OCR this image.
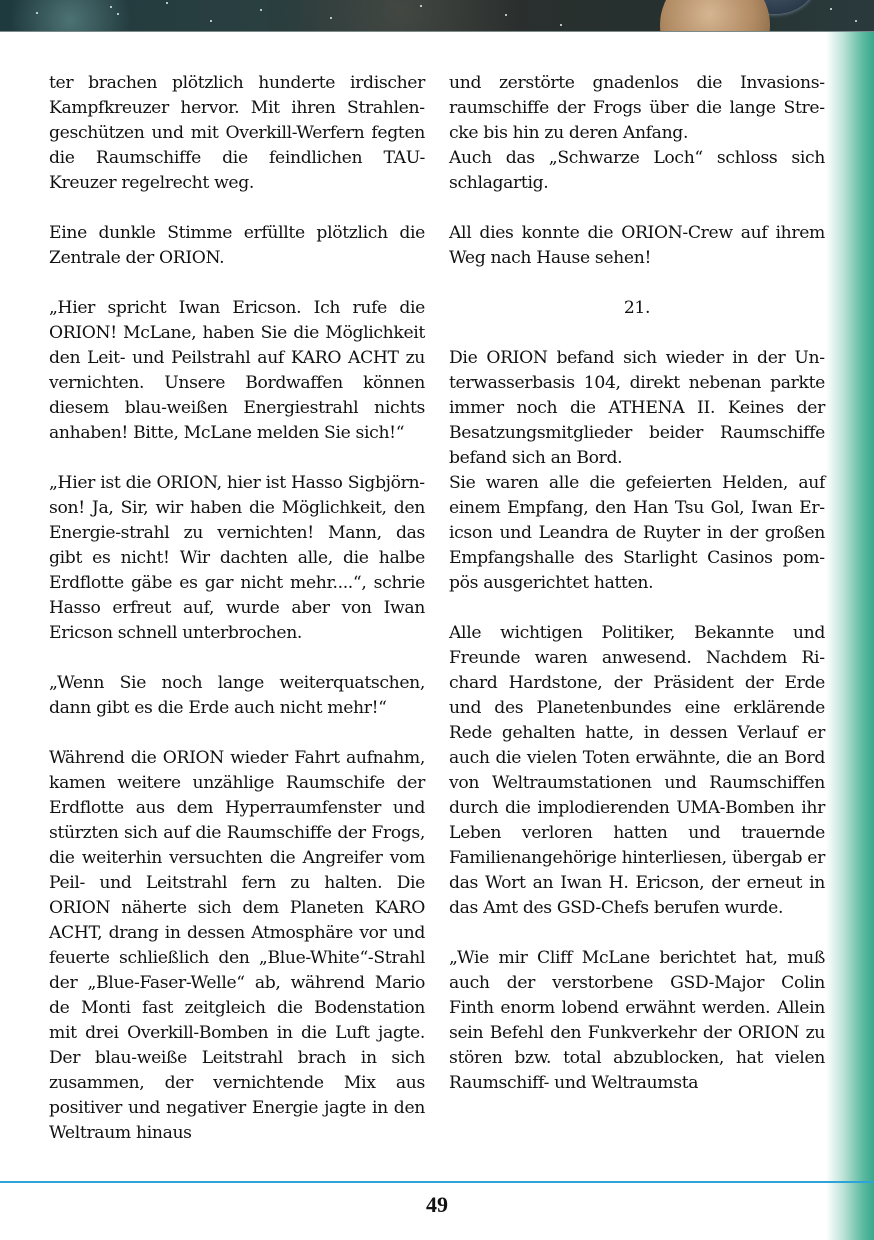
ter brachen plötzlich hunderte irdischer Kampfkreuzer hervor. Mit ihren Strahlengeschützen und mit Overkill-Werfern fegten die Raumschiffe die feindlichen TAU-Kreuzer regelrecht weg.

Eine dunkle Stimme erfüllte plötzlich die Zentrale der ORION.

„Hier spricht Iwan Ericson. Ich rufe die ORION! McLane, haben Sie die Möglichkeit den Leit- und Peilstrahl auf KARO ACHT zu vernichten. Unsere Bordwaffen können diesem blau-weißen Energiestrahl nichts anhaben! Bitte, McLane melden Sie sich!“

„Hier ist die ORION, hier ist Hasso Sigbjörnson! Ja, Sir, wir haben die Möglichkeit, den Energie-strahl zu vernichten! Mann, das gibt es nicht! Wir dachten alle, die halbe Erdflotte gäbe es gar nicht mehr....“, schrie Hasso erfreut auf, wurde aber von Iwan Ericson schnell unterbrochen.

„Wenn Sie noch lange weiterquatschen, dann gibt es die Erde auch nicht mehr!“

Während die ORION wieder Fahrt aufnahm, kamen weitere unzählige Raumschife der Erdflotte aus dem Hyperraumfenster und stürzten sich auf die Raumschiffe der Frogs, die weiterhin versuchten die Angreifer vom Peil- und Leitstrahl fern zu halten. Die ORION näherte sich dem Planeten KARO ACHT, drang in dessen Atmosphäre vor und feuerte schließlich den „Blue-White“-Strahl der „Blue-Faser-Welle“ ab, während Mario de Monti fast zeitgleich die Bodenstation mit drei Overkill-Bomben in die Luft jagte. Der blau-weiße Leitstrahl brach in sich zusammen, der vernichtende Mix aus positiver und negativer Energie jagte in den Weltraum hinaus

und zerstörte gnadenlos die Invasionsraumschiffe der Frogs über die lange Strecke bis hin zu deren Anfang.

Auch das „Schwarze Loch“ schloss sich schlagartig.

All dies konnte die ORION-Crew auf ihrem Weg nach Hause sehen!

21.

Die ORION befand sich wieder in der Unterwasserbasis 104, direkt nebenan parkte immer noch die ATHENA II. Keines der Besatzungsmitglieder beider Raumschiffe befand sich an Bord.

Sie waren alle die gefeierten Helden, auf einem Empfang, den Han Tsu Gol, Iwan Ericson und Leandra de Ruyter in der großen Empfangshalle des Starlight Casinos pompös ausgerichtet hatten.

Alle wichtigen Politiker, Bekannte und Freunde waren anwesend. Nachdem Richard Hardstone, der Präsident der Erde und des Planetenbundes eine erklärende Rede gehalten hatte, in dessen Verlauf er auch die vielen Toten erwähnte, die an Bord von Weltraumstationen und Raumschiffen durch die implodierenden UMA-Bomben ihr Leben verloren hatten und trauernde Familienangehörige hinterliesen, übergab er das Wort an Iwan H. Ericson, der erneut in das Amt des GSD-Chefs berufen wurde.

„Wie mir Cliff McLane berichtet hat, muß auch der verstorbene GSD-Major Colin Finth enorm lobend erwähnt werden. Allein sein Befehl den Funkverkehr der ORION zu stören bzw. total abzublocken, hat vielen Raumschiff- und Weltraumsta

49
